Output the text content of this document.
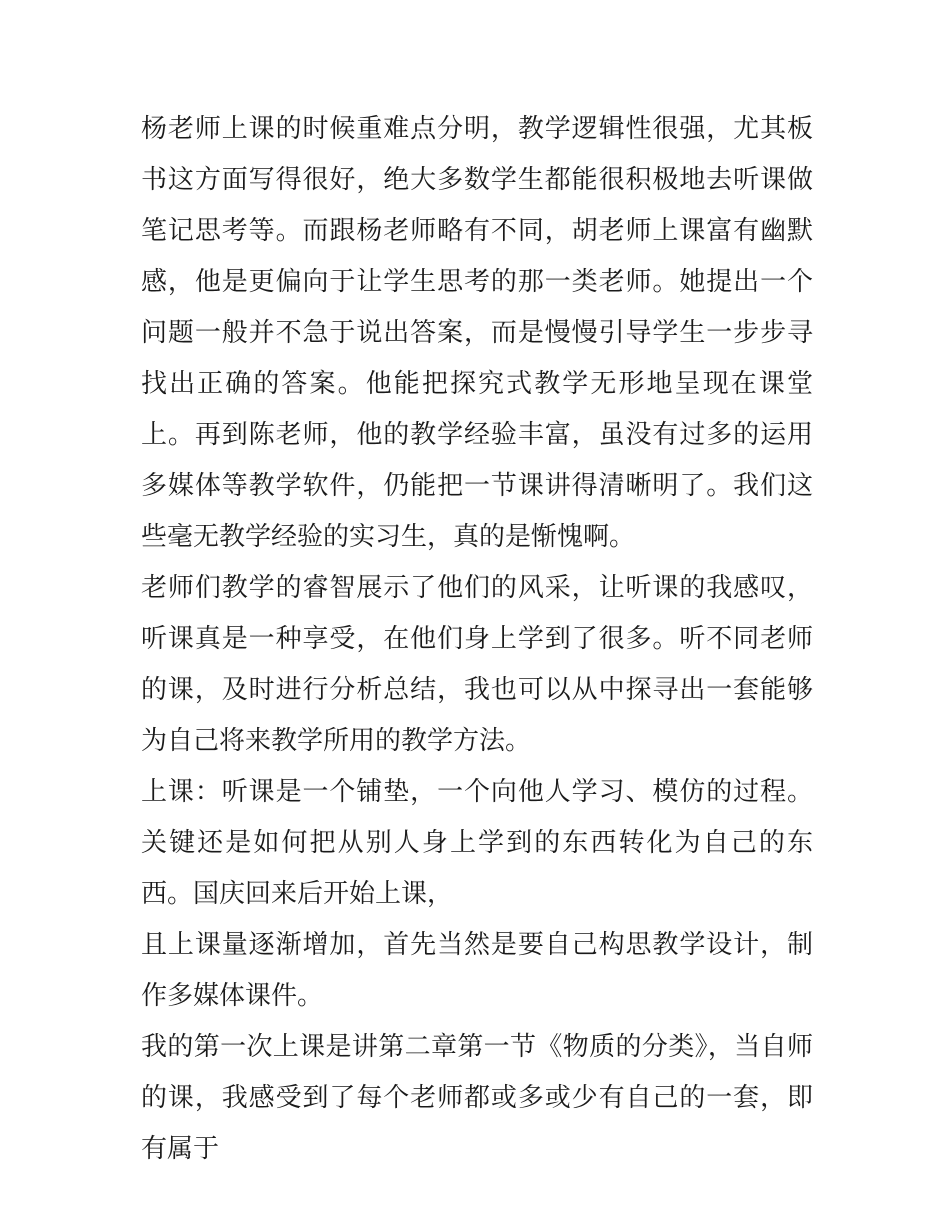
杨老师上课的时候重难点分明，教学逻辑性很强，尤其板书这方面写得很好，绝大多数学生都能很积极地去听课做笔记思考等。而跟杨老师略有不同，胡老师上课富有幽默感，他是更偏向于让学生思考的那一类老师。她提出一个问题一般并不急于说出答案，而是慢慢引导学生一步步寻找出正确的答案。他能把探究式教学无形地呈现在课堂上。再到陈老师，他的教学经验丰富，虽没有过多的运用多媒体等教学软件，仍能把一节课讲得清晰明了。我们这些毫无教学经验的实习生，真的是惭愧啊。

老师们教学的睿智展示了他们的风采，让听课的我感叹，听课真是一种享受，在他们身上学到了很多。听不同老师的课，及时进行分析总结，我也可以从中探寻出一套能够为自己将来教学所用的教学方法。

上课：听课是一个铺垫，一个向他人学习、模仿的过程。关键还是如何把从别人身上学到的东西转化为自己的东西。国庆回来后开始上课，

且上课量逐渐增加，首先当然是要自己构思教学设计，制作多媒体课件。

我的第一次上课是讲第二章第一节《物质的分类》，当自师的课，我感受到了每个老师都或多或少有自己的一套，即有属于
